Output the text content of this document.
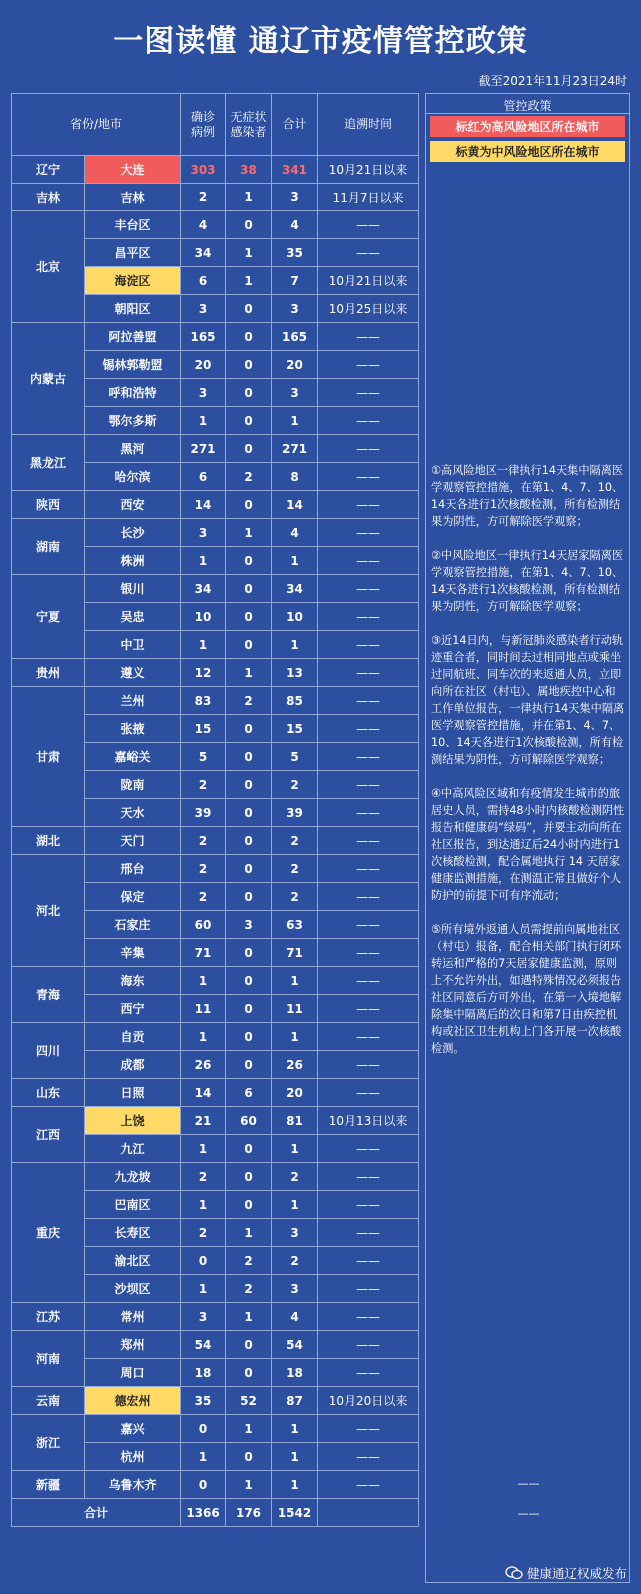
一图读懂 通辽市疫情管控政策
截至2021年11月23日24时
省份/地市		确诊病例	无症状感染者	合计	追溯时间
辽宁	大连	303	38	341	10月21日以来
吉林	吉林	2	1	3	11月7日以来
北京	丰台区	4	0	4	——
	昌平区	34	1	35	——
	海淀区	6	1	7	10月21日以来
	朝阳区	3	0	3	10月25日以来
内蒙古	阿拉善盟	165	0	165	——
	锡林郭勒盟	20	0	20	——
	呼和浩特	3	0	3	——
	鄂尔多斯	1	0	1	——
黑龙江	黑河	271	0	271	——
	哈尔滨	6	2	8	——
陕西	西安	14	0	14	——
湖南	长沙	3	1	4	——
	株洲	1	0	1	——
宁夏	银川	34	0	34	——
	吴忠	10	0	10	——
	中卫	1	0	1	——
贵州	遵义	12	1	13	——
甘肃	兰州	83	2	85	——
	张掖	15	0	15	——
	嘉峪关	5	0	5	——
	陇南	2	0	2	——
	天水	39	0	39	——
湖北	天门	2	0	2	——
河北	邢台	2	0	2	——
	保定	2	0	2	——
	石家庄	60	3	63	——
	辛集	71	0	71	——
青海	海东	1	0	1	——
	西宁	11	0	11	——
四川	自贡	1	0	1	——
	成都	26	0	26	——
山东	日照	14	6	20	——
江西	上饶	21	60	81	10月13日以来
	九江	1	0	1	——
重庆	九龙坡	2	0	2	——
	巴南区	1	0	1	——
	长寿区	2	1	3	——
	渝北区	0	2	2	——
	沙坝区	1	2	3	——
江苏	常州	3	1	4	——
河南	郑州	54	0	54	——
	周口	18	0	18	——
云南	德宏州	35	52	87	10月20日以来
浙江	嘉兴	0	1	1	——
	杭州	1	0	1	——
新疆	乌鲁木齐	0	1	1	——
合计		1366	176	1542	
管控政策
标红为高风险地区所在城市
标黄为中风险地区所在城市
①高风险地区一律执行14天集中隔离医学观察管控措施，在第1、4、7、10、14天各进行1次核酸检测，所有检测结果为阴性，方可解除医学观察；

②中风险地区一律执行14天居家隔离医学观察管控措施，在第1、4、7、10、14天各进行1次核酸检测，所有检测结果为阴性，方可解除医学观察；

③近14日内，与新冠肺炎感染者行动轨迹重合者，同时间去过相同地点或乘坐过同航班、同车次的来返通人员，立即向所在社区（村屯）、属地疾控中心和工作单位报告，一律执行14天集中隔离医学观察管控措施，并在第1、4、7、10、14天各进行1次核酸检测，所有检测结果为阴性，方可解除医学观察；

④中高风险区域和有疫情发生城市的旅居史人员，需持48小时内核酸检测阴性报告和健康码“绿码”，并要主动向所在社区报告，到达通辽后24小时内进行1次核酸检测，配合属地执行 14 天居家健康监测措施，在测温正常且做好个人防护的前提下可有序流动；

⑤所有境外返通人员需提前向属地社区（村屯）报备，配合相关部门执行闭环转运和严格的7天居家健康监测，原则上不允许外出，如遇特殊情况必须报告社区同意后方可外出，在第一入境地解除集中隔离后的次日和第7日由疾控机构或社区卫生机构上门各开展一次核酸检测。
——
——
健康通辽权威发布
